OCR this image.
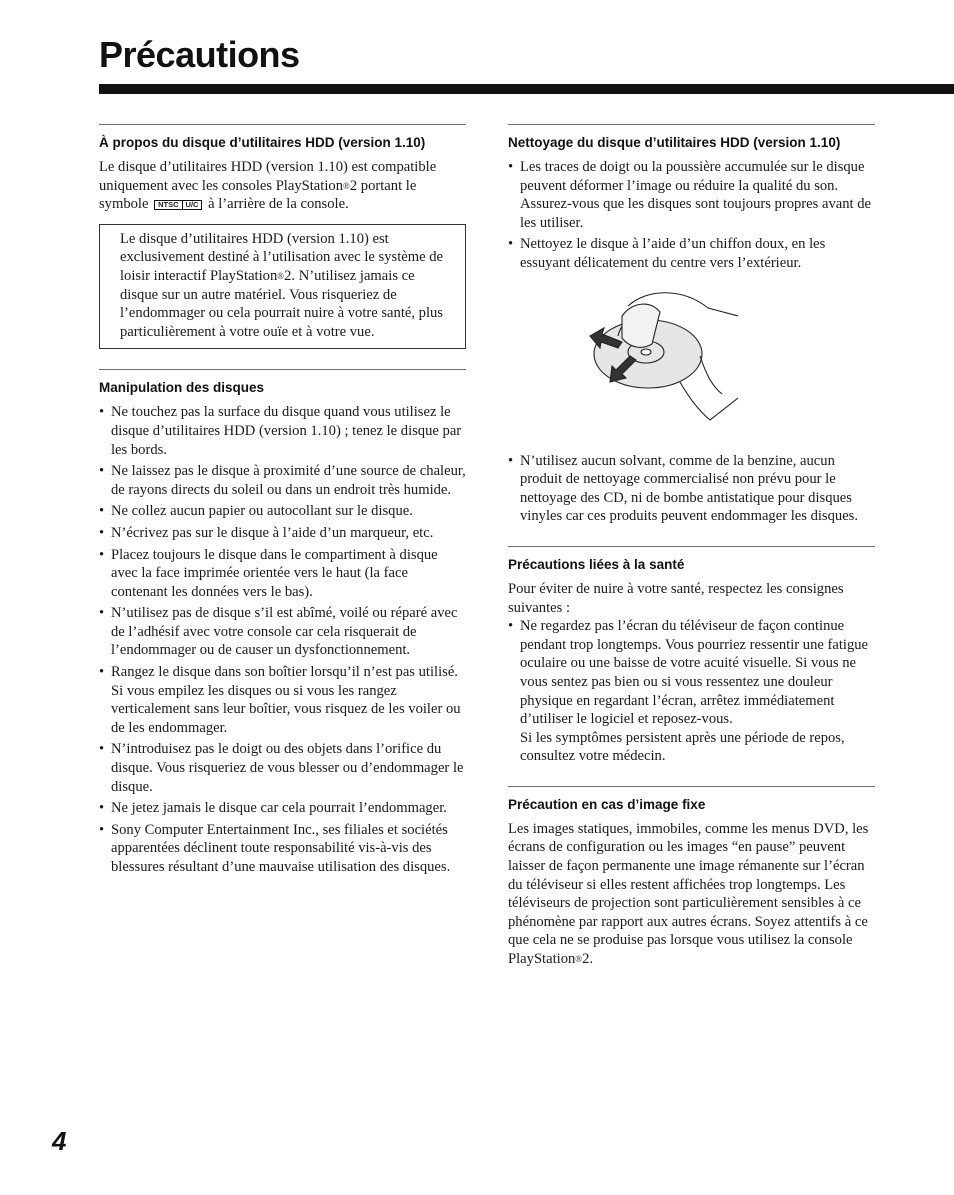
Précautions
À propos du disque d’utilitaires HDD (version 1.10)

Le disque d’utilitaires HDD (version 1.10) est compatible uniquement avec les consoles PlayStation®2 portant le symbole	NTSC U/C à l’arrière de la console.

Le disque d’utilitaires HDD (version 1.10) est exclusivement destiné à l’utilisation avec le système de loisir interactif PlayStation®2. N’utilisez jamais ce disque sur un autre matériel. Vous risqueriez de l’endommager ou cela pourrait nuire à votre santé, plus particulièrement à votre ouïe et à votre vue.

Manipulation des disques
• Ne touchez pas la surface du disque quand vous utilisez le disque d’utilitaires HDD (version 1.10) ; tenez le disque par les bords.
• Ne laissez pas le disque à proximité d’une source de chaleur, de rayons directs du soleil ou dans un endroit très humide.
• Ne collez aucun papier ou autocollant sur le disque.
• N’écrivez pas sur le disque à l’aide d’un marqueur, etc.
• Placez toujours le disque dans le compartiment à disque avec la face imprimée orientée vers le haut (la face contenant les données vers le bas).
• N’utilisez pas de disque s’il est abîmé, voilé ou réparé avec de l’adhésif avec votre console car cela risquerait de l’endommager ou de causer un dysfonctionnement.
• Rangez le disque dans son boîtier lorsqu’il n’est pas utilisé. Si vous empilez les disques ou si vous les rangez verticalement sans leur boîtier, vous risquez de les voiler ou de les endommager.
• N’introduisez pas le doigt ou des objets dans l’orifice du disque. Vous risqueriez de vous blesser ou d’endommager le disque.
• Ne jetez jamais le disque car cela pourrait l’endommager.
• Sony Computer Entertainment Inc., ses filiales et sociétés apparentées déclinent toute responsabilité vis-à-vis des blessures résultant d’une mauvaise utilisation des disques.
Nettoyage du disque d’utilitaires HDD (version 1.10)
• Les traces de doigt ou la poussière accumulée sur le disque peuvent déformer l’image ou réduire la qualité du son. Assurez-vous que les disques sont toujours propres avant de les utiliser.
• Nettoyez le disque à l’aide d’un chiffon doux, en les essuyant délicatement du centre vers l’extérieur.
• N’utilisez aucun solvant, comme de la benzine, aucun produit de nettoyage commercialisé non prévu pour le nettoyage des CD, ni de bombe antistatique pour disques vinyles car ces produits peuvent endommager les disques.
Précautions liées à la santé

Pour éviter de nuire à votre santé, respectez les consignes suivantes :

• Ne regardez pas l’écran du téléviseur de façon continue pendant trop longtemps. Vous pourriez ressentir une fatigue oculaire ou une baisse de votre acuité visuelle. Si vous ne vous sentez pas bien ou si vous ressentez une douleur physique en regardant l’écran, arrêtez immédiatement d’utiliser le logiciel et reposez-vous.
Si les symptômes persistent après une période de repos, consultez votre médecin.
Précaution en cas d’image fixe

Les images statiques, immobiles, comme les menus DVD, les écrans de configuration ou les images “en pause” peuvent laisser de façon permanente une image rémanente sur l’écran du téléviseur si elles restent affichées trop longtemps. Les téléviseurs de projection sont particulièrement sensibles à ce phénomène par rapport aux autres écrans. Soyez attentifs à ce que cela ne se produise pas lorsque vous utilisez la console PlayStation®2.

4
